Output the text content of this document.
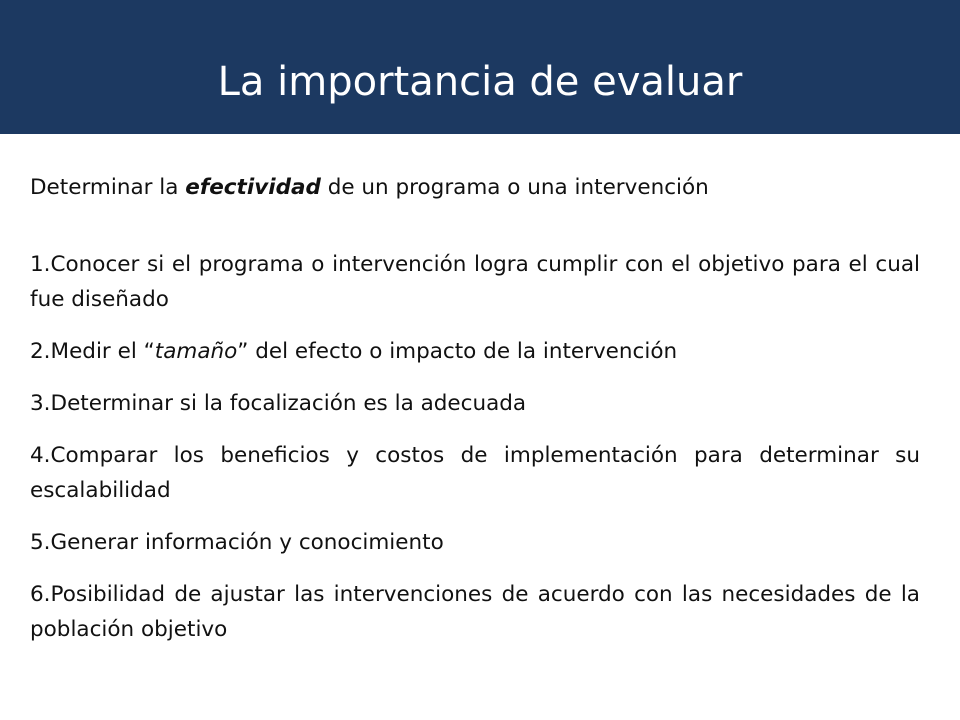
La importancia de evaluar

Determinar la efectividad de un programa o una intervención

1.Conocer si el programa o intervención logra cumplir con el objetivo para el cual fue diseñado
2.Medir el “tamaño” del efecto o impacto de la intervención
3.Determinar si la focalización es la adecuada
4.Comparar los beneficios y costos de implementación para determinar su escalabilidad
5.Generar información y conocimiento
6.Posibilidad de ajustar las intervenciones de acuerdo con las necesidades de la población objetivo
